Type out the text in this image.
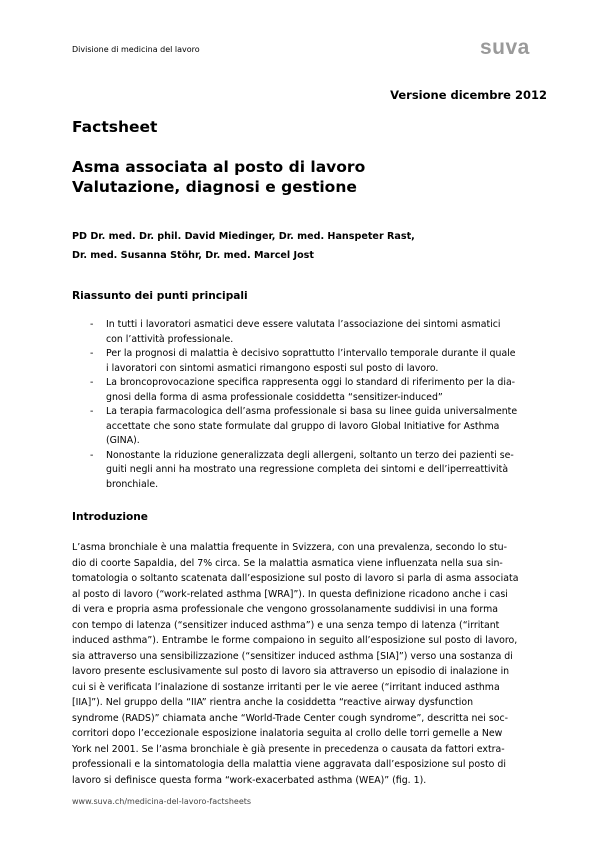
Divisione di medicina del lavoro	suva
Versione dicembre 2012
Factsheet
Asma associata al posto di lavoro
Valutazione, diagnosi e gestione
PD Dr. med. Dr. phil. David Miedinger, Dr. med. Hanspeter Rast,
Dr. med. Susanna Stöhr, Dr. med. Marcel Jost
Riassunto dei punti principali
- In tutti i lavoratori asmatici deve essere valutata l’associazione dei sintomi asmatici
con l’attività professionale.
- Per la prognosi di malattia è decisivo soprattutto l’intervallo temporale durante il quale
i lavoratori con sintomi asmatici rimangono esposti sul posto di lavoro.
- La broncoprovocazione specifica rappresenta oggi lo standard di riferimento per la dia-
gnosi della forma di asma professionale cosiddetta “sensitizer-induced”
- La terapia farmacologica dell’asma professionale si basa su linee guida universalmente
accettate che sono state formulate dal gruppo di lavoro Global Initiative for Asthma
(GINA).
- Nonostante la riduzione generalizzata degli allergeni, soltanto un terzo dei pazienti se-
guiti negli anni ha mostrato una regressione completa dei sintomi e dell’iperreattività
bronchiale.
Introduzione
L’asma bronchiale è una malattia frequente in Svizzera, con una prevalenza, secondo lo stu-
dio di coorte Sapaldia, del 7% circa. Se la malattia asmatica viene influenzata nella sua sin-
tomatologia o soltanto scatenata dall’esposizione sul posto di lavoro si parla di asma associata
al posto di lavoro (“work-related asthma [WRA]”). In questa definizione ricadono anche i casi
di vera e propria asma professionale che vengono grossolanamente suddivisi in una forma
con tempo di latenza (“sensitizer induced asthma”) e una senza tempo di latenza (“irritant
induced asthma”). Entrambe le forme compaiono in seguito all’esposizione sul posto di lavoro,
sia attraverso una sensibilizzazione (“sensitizer induced asthma [SIA]”) verso una sostanza di
lavoro presente esclusivamente sul posto di lavoro sia attraverso un episodio di inalazione in
cui si è verificata l’inalazione di sostanze irritanti per le vie aeree (“irritant induced asthma
[IIA]”). Nel gruppo della “IIA” rientra anche la cosiddetta “reactive airway dysfunction
syndrome (RADS)” chiamata anche “World-Trade Center cough syndrome”, descritta nei soc-
corritori dopo l’eccezionale esposizione inalatoria seguita al crollo delle torri gemelle a New
York nel 2001. Se l’asma bronchiale è già presente in precedenza o causata da fattori extra-
professionali e la sintomatologia della malattia viene aggravata dall’esposizione sul posto di
lavoro si definisce questa forma “work-exacerbated asthma (WEA)” (fig. 1).
www.suva.ch/medicina-del-lavoro-factsheets
